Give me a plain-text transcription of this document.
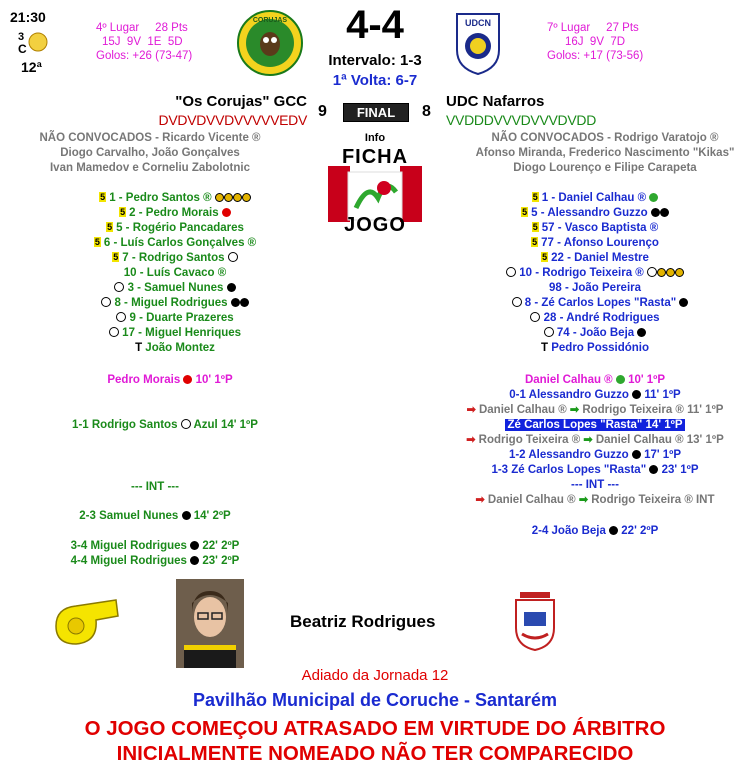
21:30
3
C
12ª
4º Lugar     28 Pts
15J  9V  1E  5D
Golos: +26 (73-47)
CORUJAS	4-4
Intervalo: 1-3
1ª Volta: 6-7
UDCN	7º Lugar     27 Pts
16J  9V  7D
Golos: +17 (73-56)
"Os Corujas" GCC
9	FINAL	8
UDC Nafarros
DVDVDVVDVVVVVEDV	VVDDDVVVDVVVDVDD
NÃO CONVOCADOS - Ricardo Vicente ®
Diogo Carvalho, João Gonçalves
Ivan Mamedov e Corneliu Zabolotnic
NÃO CONVOCADOS - Rodrigo Varatojo ®
Afonso Miranda, Frederico Nascimento "Kikas"
Diogo Lourenço e Filipe Carapeta
Info
FICHA
JOGO
5 1 - Pedro Santos ®
5 2 - Pedro Morais
5 5 - Rogério Pancadares
5 6 - Luís Carlos Gonçalves ®
5 7 - Rodrigo Santos
10 - Luís Cavaco ®
3 - Samuel Nunes
8 - Miguel Rodrigues
9 - Duarte Prazeres
17 - Miguel Henriques
T João Montez
5 1 - Daniel Calhau ®
5 5 - Alessandro Guzzo
5 57 - Vasco Baptista ®
5 77 - Afonso Lourenço
5 22 - Daniel Mestre
10 - Rodrigo Teixeira ®
98 - João Pereira
8 - Zé Carlos Lopes "Rasta"
28 - André Rodrigues
74 - João Beja
T Pedro Possidónio
Pedro Morais 10' 1ºP
1-1 Rodrigo Santos Azul 14' 1ºP
--- INT ---
2-3 Samuel Nunes 14' 2ºP
3-4 Miguel Rodrigues 22' 2ºP
4-4 Miguel Rodrigues 23' 2ºP
Daniel Calhau ® 10' 1ºP
0-1 Alessandro Guzzo 11' 1ºP
➡ Daniel Calhau ® ➡ Rodrigo Teixeira ® 11' 1ºP
Zé Carlos Lopes "Rasta" 14' 1ºP
➡ Rodrigo Teixeira ® ➡ Daniel Calhau ® 13' 1ºP
1-2 Alessandro Guzzo 17' 1ºP
1-3 Zé Carlos Lopes "Rasta" 23' 1ºP
--- INT ---
➡ Daniel Calhau ® ➡ Rodrigo Teixeira ® INT
2-4 João Beja 22' 2ºP
Beatriz Rodrigues
Adiado da Jornada 12
Pavilhão Municipal de Coruche - Santarém
O JOGO COMEÇOU ATRASADO EM VIRTUDE DO ÁRBITRO
INICIALMENTE NOMEADO NÃO TER COMPARECIDO
